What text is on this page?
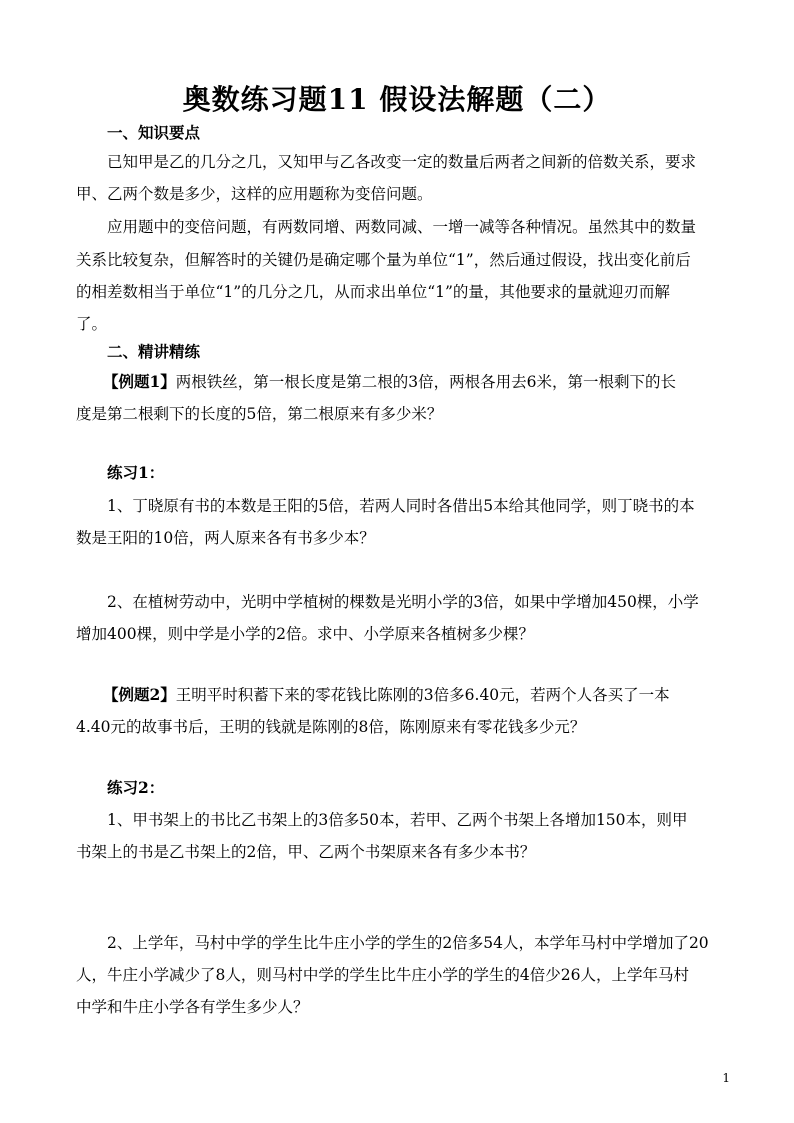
奥数练习题11 假设法解题（二）
一、知识要点
已知甲是乙的几分之几，又知甲与乙各改变一定的数量后两者之间新的倍数关系，要求
甲、乙两个数是多少，这样的应用题称为变倍问题。
应用题中的变倍问题，有两数同增、两数同减、一增一减等各种情况。虽然其中的数量
关系比较复杂，但解答时的关键仍是确定哪个量为单位“1”，然后通过假设，找出变化前后
的相差数相当于单位“1”的几分之几，从而求出单位“1”的量，其他要求的量就迎刃而解
了。
二、精讲精练
【例题1】两根铁丝，第一根长度是第二根的3倍，两根各用去6米，第一根剩下的长
度是第二根剩下的长度的5倍，第二根原来有多少米？
练习1：
1、丁晓原有书的本数是王阳的5倍，若两人同时各借出5本给其他同学，则丁晓书的本
数是王阳的10倍，两人原来各有书多少本？
2、在植树劳动中，光明中学植树的棵数是光明小学的3倍，如果中学增加450棵，小学
增加400棵，则中学是小学的2倍。求中、小学原来各植树多少棵？
【例题2】王明平时积蓄下来的零花钱比陈刚的3倍多6.40元，若两个人各买了一本
4.40元的故事书后，王明的钱就是陈刚的8倍，陈刚原来有零花钱多少元？
练习2：
1、甲书架上的书比乙书架上的3倍多50本，若甲、乙两个书架上各增加150本，则甲
书架上的书是乙书架上的2倍，甲、乙两个书架原来各有多少本书？
2、上学年，马村中学的学生比牛庄小学的学生的2倍多54人，本学年马村中学增加了20
人，牛庄小学减少了8人，则马村中学的学生比牛庄小学的学生的4倍少26人，上学年马村
中学和牛庄小学各有学生多少人？
1
